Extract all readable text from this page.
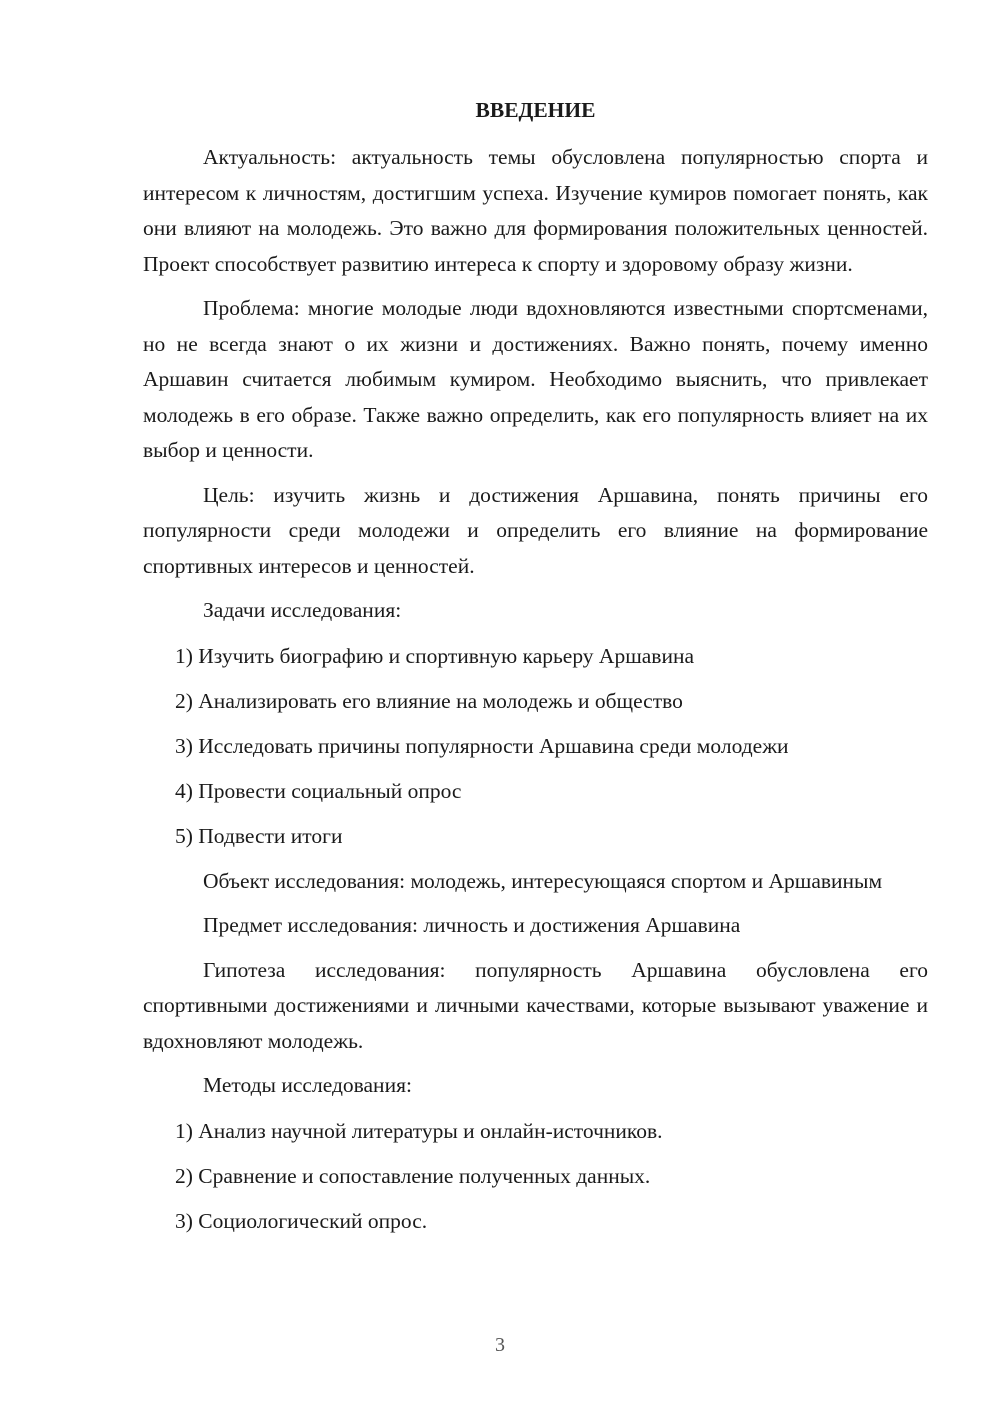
ВВЕДЕНИЕ

Актуальность: актуальность темы обусловлена популярностью спорта и интересом к личностям, достигшим успеха. Изучение кумиров помогает понять, как они влияют на молодежь. Это важно для формирования положительных ценностей. Проект способствует развитию интереса к спорту и здоровому образу жизни.

Проблема: многие молодые люди вдохновляются известными спортсменами, но не всегда знают о их жизни и достижениях. Важно понять, почему именно Аршавин считается любимым кумиром. Необходимо выяснить, что привлекает молодежь в его образе. Также важно определить, как его популярность влияет на их выбор и ценности.

Цель: изучить жизнь и достижения Аршавина, понять причины его популярности среди молодежи и определить его влияние на формирование спортивных интересов и ценностей.

Задачи исследования:

1) Изучить биографию и спортивную карьеру Аршавина

2) Анализировать его влияние на молодежь и общество

3) Исследовать причины популярности Аршавина среди молодежи

4) Провести социальный опрос

5) Подвести итоги

Объект исследования: молодежь, интересующаяся спортом и Аршавиным

Предмет исследования: личность и достижения Аршавина

Гипотеза исследования: популярность Аршавина обусловлена его спортивными достижениями и личными качествами, которые вызывают уважение и вдохновляют молодежь.

Методы исследования:

1) Анализ научной литературы и онлайн-источников.

2) Сравнение и сопоставление полученных данных.

3) Социологический опрос.

3
